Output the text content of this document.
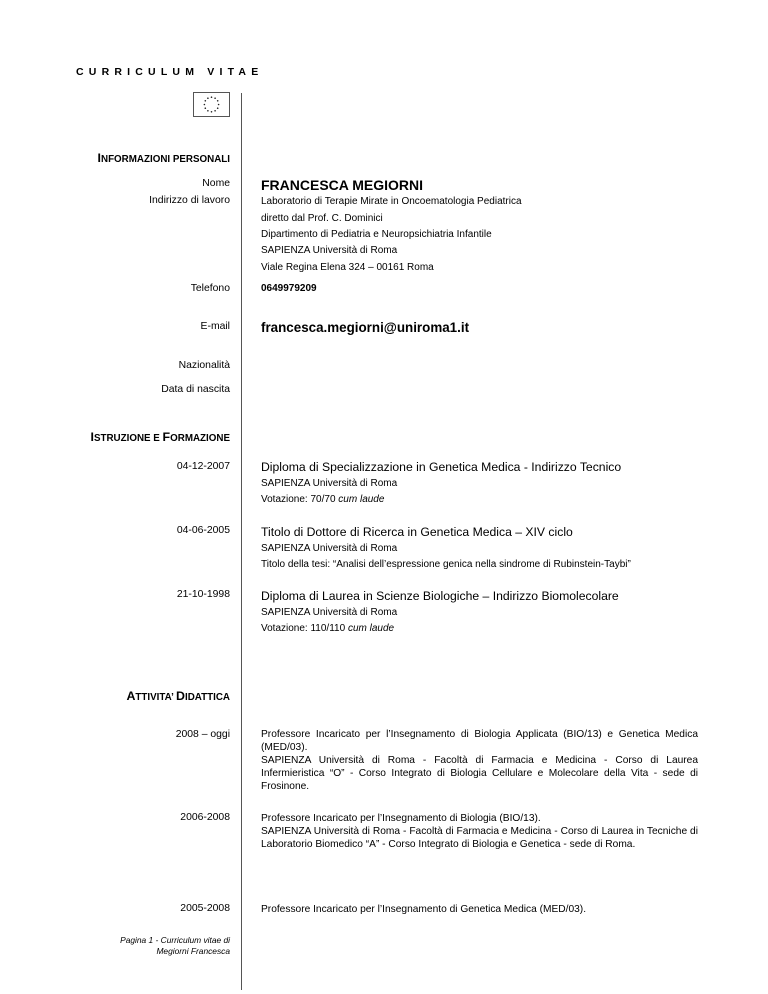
CURRICULUM VITAE
INFORMAZIONI PERSONALI
Nome FRANCESCA MEGIORNI
Indirizzo di lavoro	Laboratorio di Terapie Mirate in Oncoematologia Pediatrica
diretto dal Prof. C. Dominici
Dipartimento di Pediatria e Neuropsichiatria Infantile
SAPIENZA Università di Roma
Viale Regina Elena 324 – 00161 Roma
Telefono	0649979209
E-mail francesca.megiorni@uniroma1.it
Nazionalità
Data di nascita
ISTRUZIONE E FORMAZIONE
04-12-2007	Diploma di Specializzazione in Genetica Medica - Indirizzo Tecnico
SAPIENZA Università di Roma
Votazione: 70/70 cum laude
04-06-2005	Titolo di Dottore di Ricerca in Genetica Medica – XIV ciclo
SAPIENZA Università di Roma
Titolo della tesi: “Analisi dell’espressione genica nella sindrome di Rubinstein-Taybi”
21-10-1998	Diploma di Laurea in Scienze Biologiche – Indirizzo Biomolecolare
SAPIENZA Università di Roma
Votazione: 110/110 cum laude
ATTIVITA’ DIDATTICA
2008 – oggi	Professore Incaricato per l’Insegnamento di Biologia Applicata (BIO/13) e Genetica Medica (MED/03).
SAPIENZA Università di Roma - Facoltà di Farmacia e Medicina - Corso di Laurea Infermieristica “O” - Corso Integrato di Biologia Cellulare e Molecolare della Vita - sede di Frosinone.
2006-2008	Professore Incaricato per l’Insegnamento di Biologia (BIO/13).
SAPIENZA Università di Roma - Facoltà di Farmacia e Medicina - Corso di Laurea in Tecniche di Laboratorio Biomedico “A” - Corso Integrato di Biologia e Genetica - sede di Roma.
2005-2008	Professore Incaricato per l’Insegnamento di Genetica Medica (MED/03).
Pagina 1 - Curriculum vitae di
Megiorni Francesca
